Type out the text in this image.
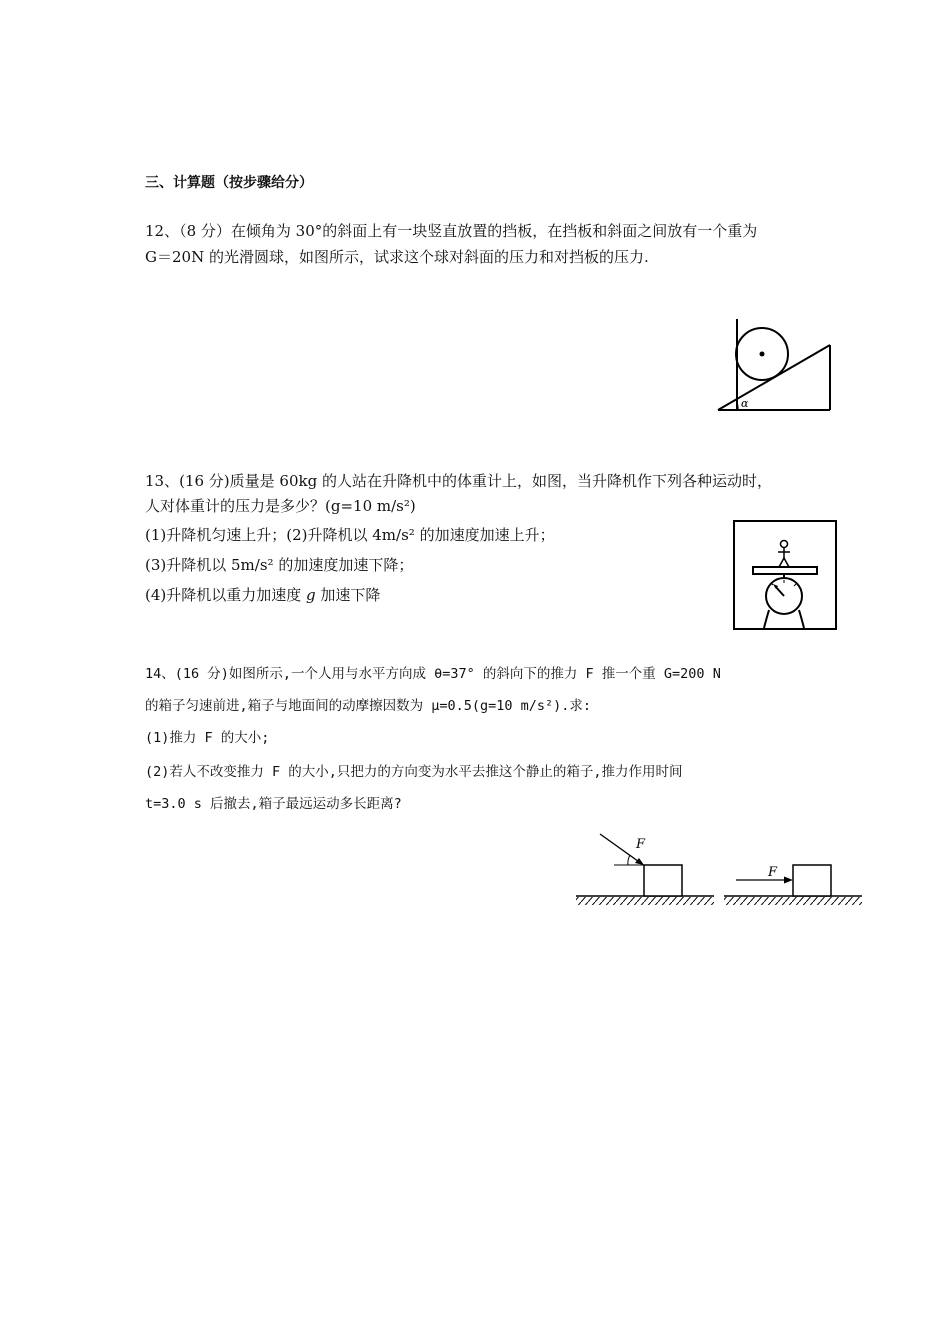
三、计算题（按步骤给分）
12、（8 分）在倾角为 30°的斜面上有一块竖直放置的挡板，在挡板和斜面之间放有一个重为
G＝20N 的光滑圆球，如图所示，试求这个球对斜面的压力和对挡板的压力.
α
13、(16 分)质量是 60kg 的人站在升降机中的体重计上，如图，当升降机作下列各种运动时，
人对体重计的压力是多少？(g=10 m/s²)
(1)升降机匀速上升；(2)升降机以 4m/s² 的加速度加速上升；
(3)升降机以 5m/s² 的加速度加速下降；
(4)升降机以重力加速度 g 加速下降
14、(16 分)如图所示,一个人用与水平方向成 θ=37° 的斜向下的推力 F 推一个重 G=200 N
的箱子匀速前进,箱子与地面间的动摩擦因数为 μ=0.5(g=10 m/s²).求:
(1)推力 F 的大小;
(2)若人不改变推力 F 的大小,只把力的方向变为水平去推这个静止的箱子,推力作用时间
t=3.0 s 后撤去,箱子最远运动多长距离?
F
F
